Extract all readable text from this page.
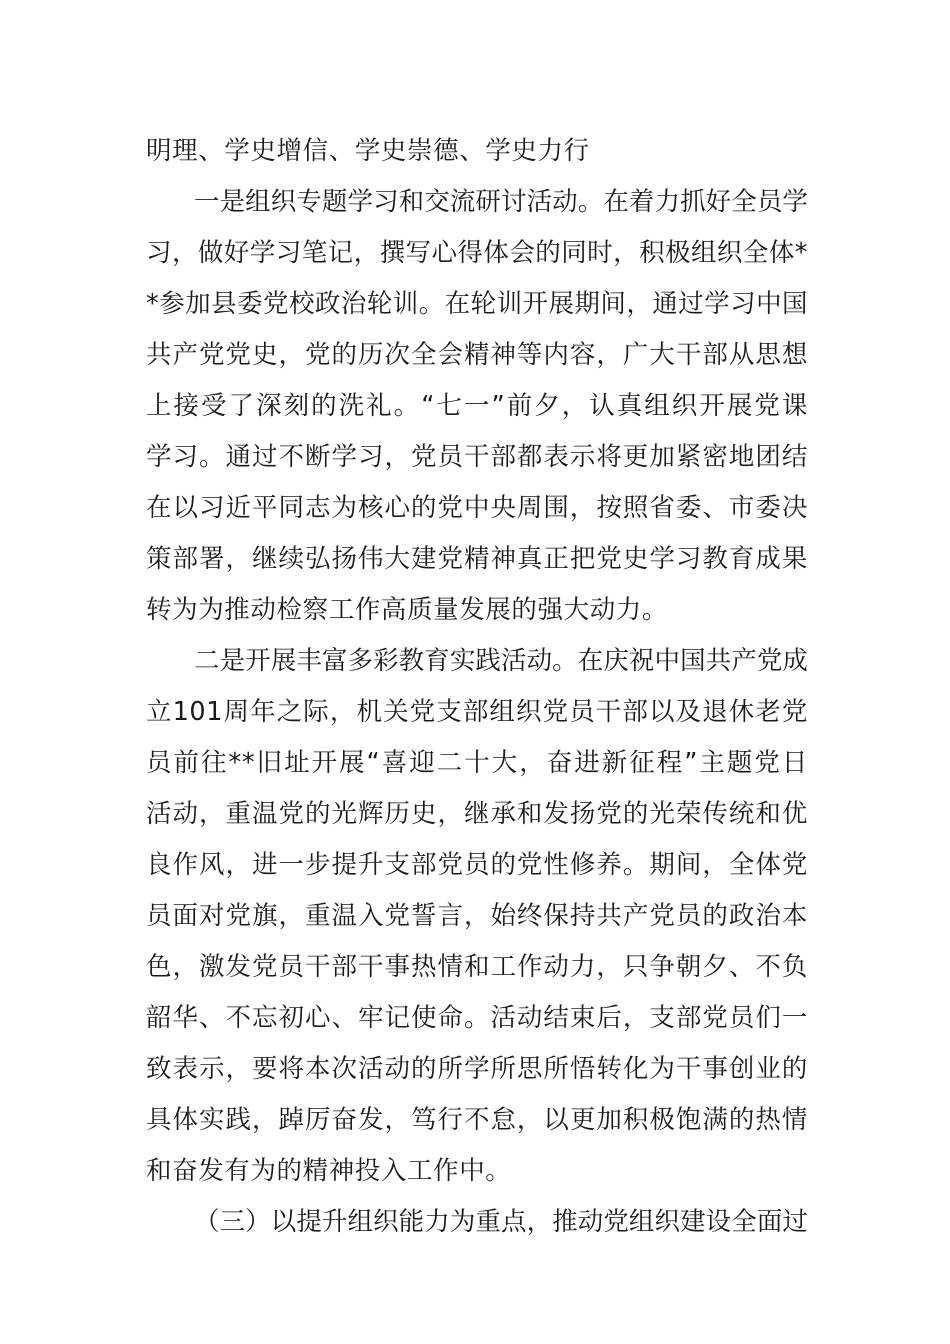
明理、学史增信、学史崇德、学史力行
一是组织专题学习和交流研讨活动。在着力抓好全员学
习，做好学习笔记，撰写心得体会的同时，积极组织全体*
*参加县委党校政治轮训。在轮训开展期间，通过学习中国
共产党党史，党的历次全会精神等内容，广大干部从思想
上接受了深刻的洗礼。“七一”前夕，认真组织开展党课
学习。通过不断学习，党员干部都表示将更加紧密地团结
在以习近平同志为核心的党中央周围，按照省委、市委决
策部署，继续弘扬伟大建党精神真正把党史学习教育成果
转为为推动检察工作高质量发展的强大动力。
二是开展丰富多彩教育实践活动。在庆祝中国共产党成
立101周年之际，机关党支部组织党员干部以及退休老党
员前往**旧址开展“喜迎二十大，奋进新征程”主题党日
活动，重温党的光辉历史，继承和发扬党的光荣传统和优
良作风，进一步提升支部党员的党性修养。期间，全体党
员面对党旗，重温入党誓言，始终保持共产党员的政治本
色，激发党员干部干事热情和工作动力，只争朝夕、不负
韶华、不忘初心、牢记使命。活动结束后，支部党员们一
致表示，要将本次活动的所学所思所悟转化为干事创业的
具体实践，踔厉奋发，笃行不怠，以更加积极饱满的热情
和奋发有为的精神投入工作中。
（三）以提升组织能力为重点，推动党组织建设全面过
